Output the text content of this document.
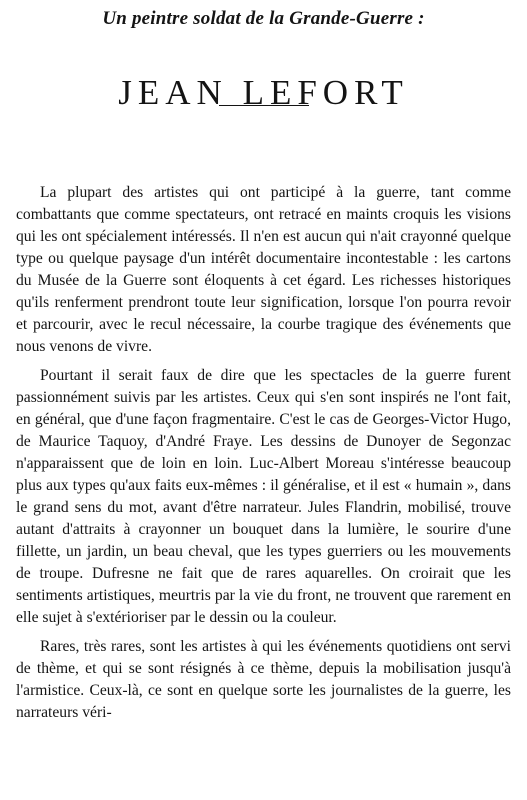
Un peintre soldat de la Grande-Guerre :
JEAN LEFORT

La plupart des artistes qui ont participé à la guerre, tant comme combattants que comme spectateurs, ont retracé en maints croquis les visions qui les ont spécialement intéressés. Il n'en est aucun qui n'ait crayonné quelque type ou quelque paysage d'un intérêt documentaire incontestable : les cartons du Musée de la Guerre sont éloquents à cet égard. Les richesses historiques qu'ils renferment prendront toute leur signification, lorsque l'on pourra revoir et parcourir, avec le recul nécessaire, la courbe tragique des événements que nous venons de vivre.

Pourtant il serait faux de dire que les spectacles de la guerre furent passionnément suivis par les artistes. Ceux qui s'en sont inspirés ne l'ont fait, en général, que d'une façon fragmentaire. C'est le cas de Georges-Victor Hugo, de Maurice Taquoy, d'André Fraye. Les dessins de Dunoyer de Segonzac n'apparaissent que de loin en loin. Luc-Albert Moreau s'intéresse beaucoup plus aux types qu'aux faits eux-mêmes : il généralise, et il est « humain », dans le grand sens du mot, avant d'être narrateur. Jules Flandrin, mobilisé, trouve autant d'attraits à crayonner un bouquet dans la lumière, le sourire d'une fillette, un jardin, un beau cheval, que les types guerriers ou les mouvements de troupe. Dufresne ne fait que de rares aquarelles. On croirait que les sentiments artistiques, meurtris par la vie du front, ne trouvent que rarement en elle sujet à s'extérioriser par le dessin ou la couleur.

Rares, très rares, sont les artistes à qui les événements quotidiens ont servi de thème, et qui se sont résignés à ce thème, depuis la mobilisation jusqu'à l'armistice. Ceux-là, ce sont en quelque sorte les journalistes de la guerre, les narrateurs véri-
